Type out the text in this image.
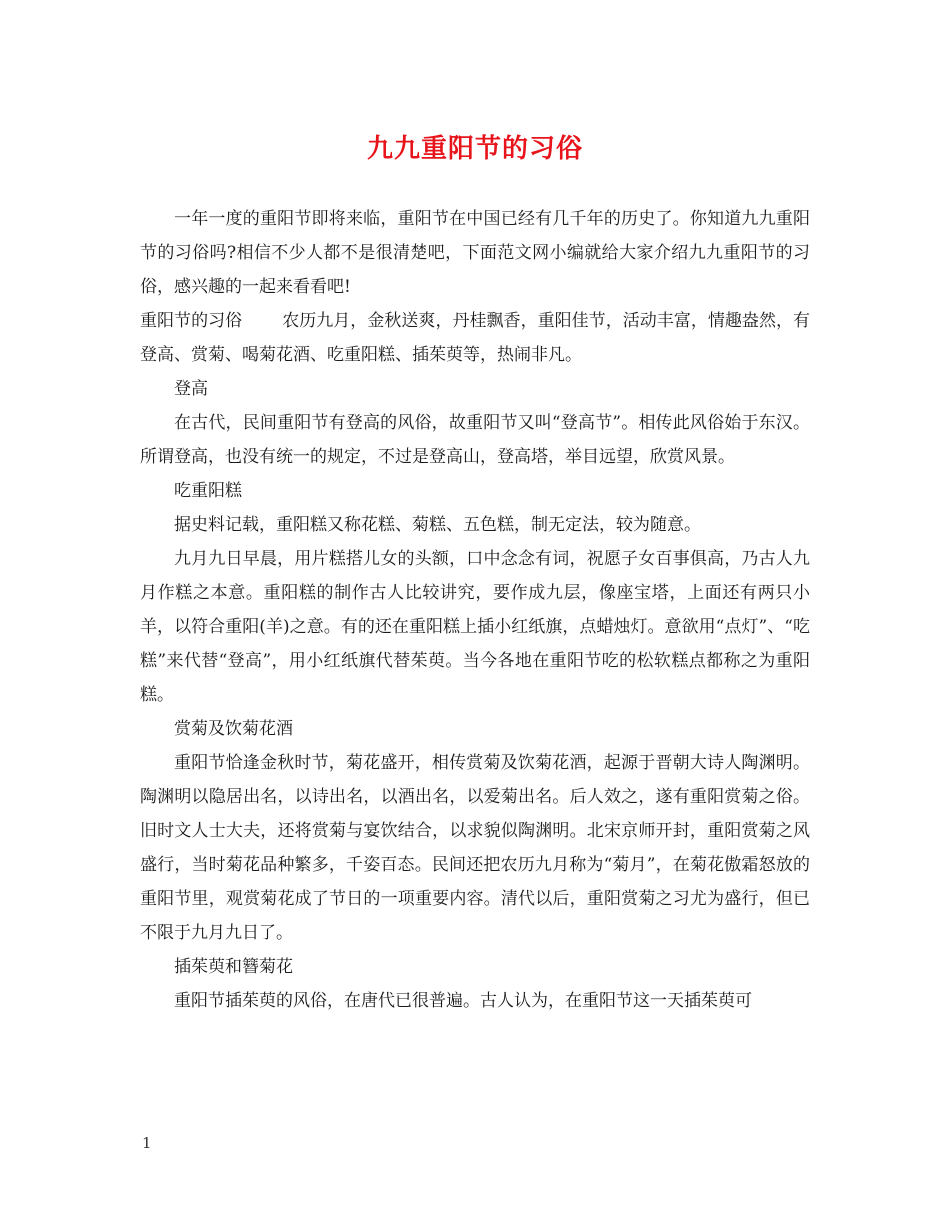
九九重阳节的习俗

一年一度的重阳节即将来临，重阳节在中国已经有几千年的历史了。你知道九九重阳节的习俗吗?相信不少人都不是很清楚吧，下面范文网小编就给大家介绍九九重阳节的习俗，感兴趣的一起来看看吧!

重阳节的习俗 农历九月，金秋送爽，丹桂飘香，重阳佳节，活动丰富，情趣盎然，有登高、赏菊、喝菊花酒、吃重阳糕、插茱萸等，热闹非凡。

登高

在古代，民间重阳节有登高的风俗，故重阳节又叫“登高节”。相传此风俗始于东汉。所谓登高，也没有统一的规定，不过是登高山，登高塔，举目远望，欣赏风景。

吃重阳糕

据史料记载，重阳糕又称花糕、菊糕、五色糕，制无定法，较为随意。

九月九日早晨，用片糕搭儿女的头额，口中念念有词，祝愿子女百事俱高，乃古人九月作糕之本意。重阳糕的制作古人比较讲究，要作成九层，像座宝塔，上面还有两只小羊，以符合重阳(羊)之意。有的还在重阳糕上插小红纸旗，点蜡烛灯。意欲用“点灯”、“吃糕”来代替“登高”，用小红纸旗代替茱萸。当今各地在重阳节吃的松软糕点都称之为重阳糕。

赏菊及饮菊花酒

重阳节恰逢金秋时节，菊花盛开，相传赏菊及饮菊花酒，起源于晋朝大诗人陶渊明。陶渊明以隐居出名，以诗出名，以酒出名，以爱菊出名。后人效之，遂有重阳赏菊之俗。旧时文人士大夫，还将赏菊与宴饮结合，以求貌似陶渊明。北宋京师开封，重阳赏菊之风盛行，当时菊花品种繁多，千姿百态。民间还把农历九月称为“菊月”，在菊花傲霜怒放的重阳节里，观赏菊花成了节日的一项重要内容。清代以后，重阳赏菊之习尤为盛行，但已不限于九月九日了。

插茱萸和簪菊花

重阳节插茱萸的风俗，在唐代已很普遍。古人认为，在重阳节这一天插茱萸可

1
